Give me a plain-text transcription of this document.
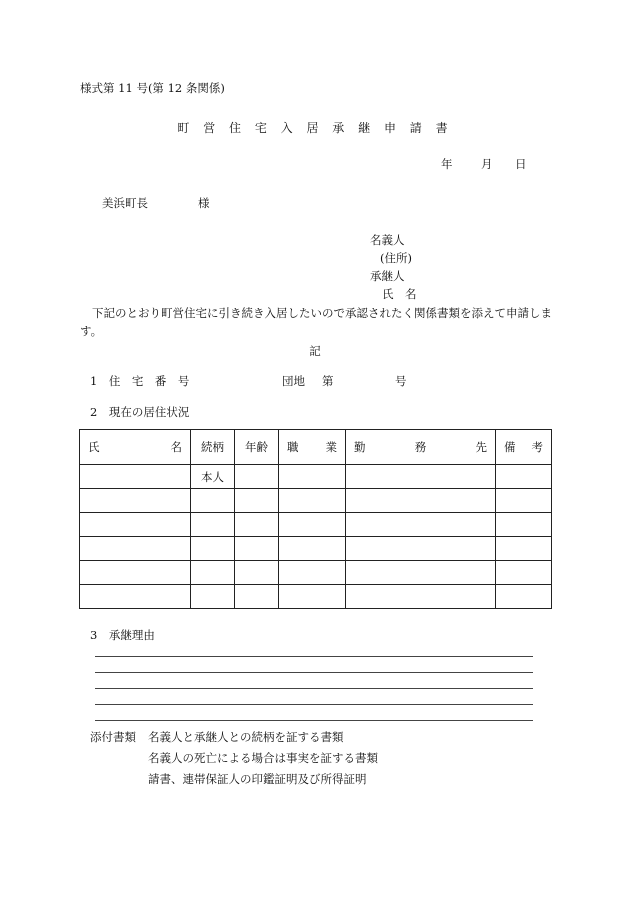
様式第 11 号(第 12 条関係)
町 営 住 宅 入 居 承 継 申 請 書
年 月 日
美浜町長	様
名義人
(住所)
承継人
氏　名
下記のとおり町営住宅に引き続き入居したいので承認されたく関係書類を添えて申請します。
記
1　住　宅　番　号	団地 第	号
2　現在の居住状況
氏 名	続柄	年齢	職 業	勤 務 先	備 考

	本人				

3　承継理由
添付書類 名義人と承継人との続柄を証する書類
名義人の死亡による場合は事実を証する書類
請書、連帯保証人の印鑑証明及び所得証明
